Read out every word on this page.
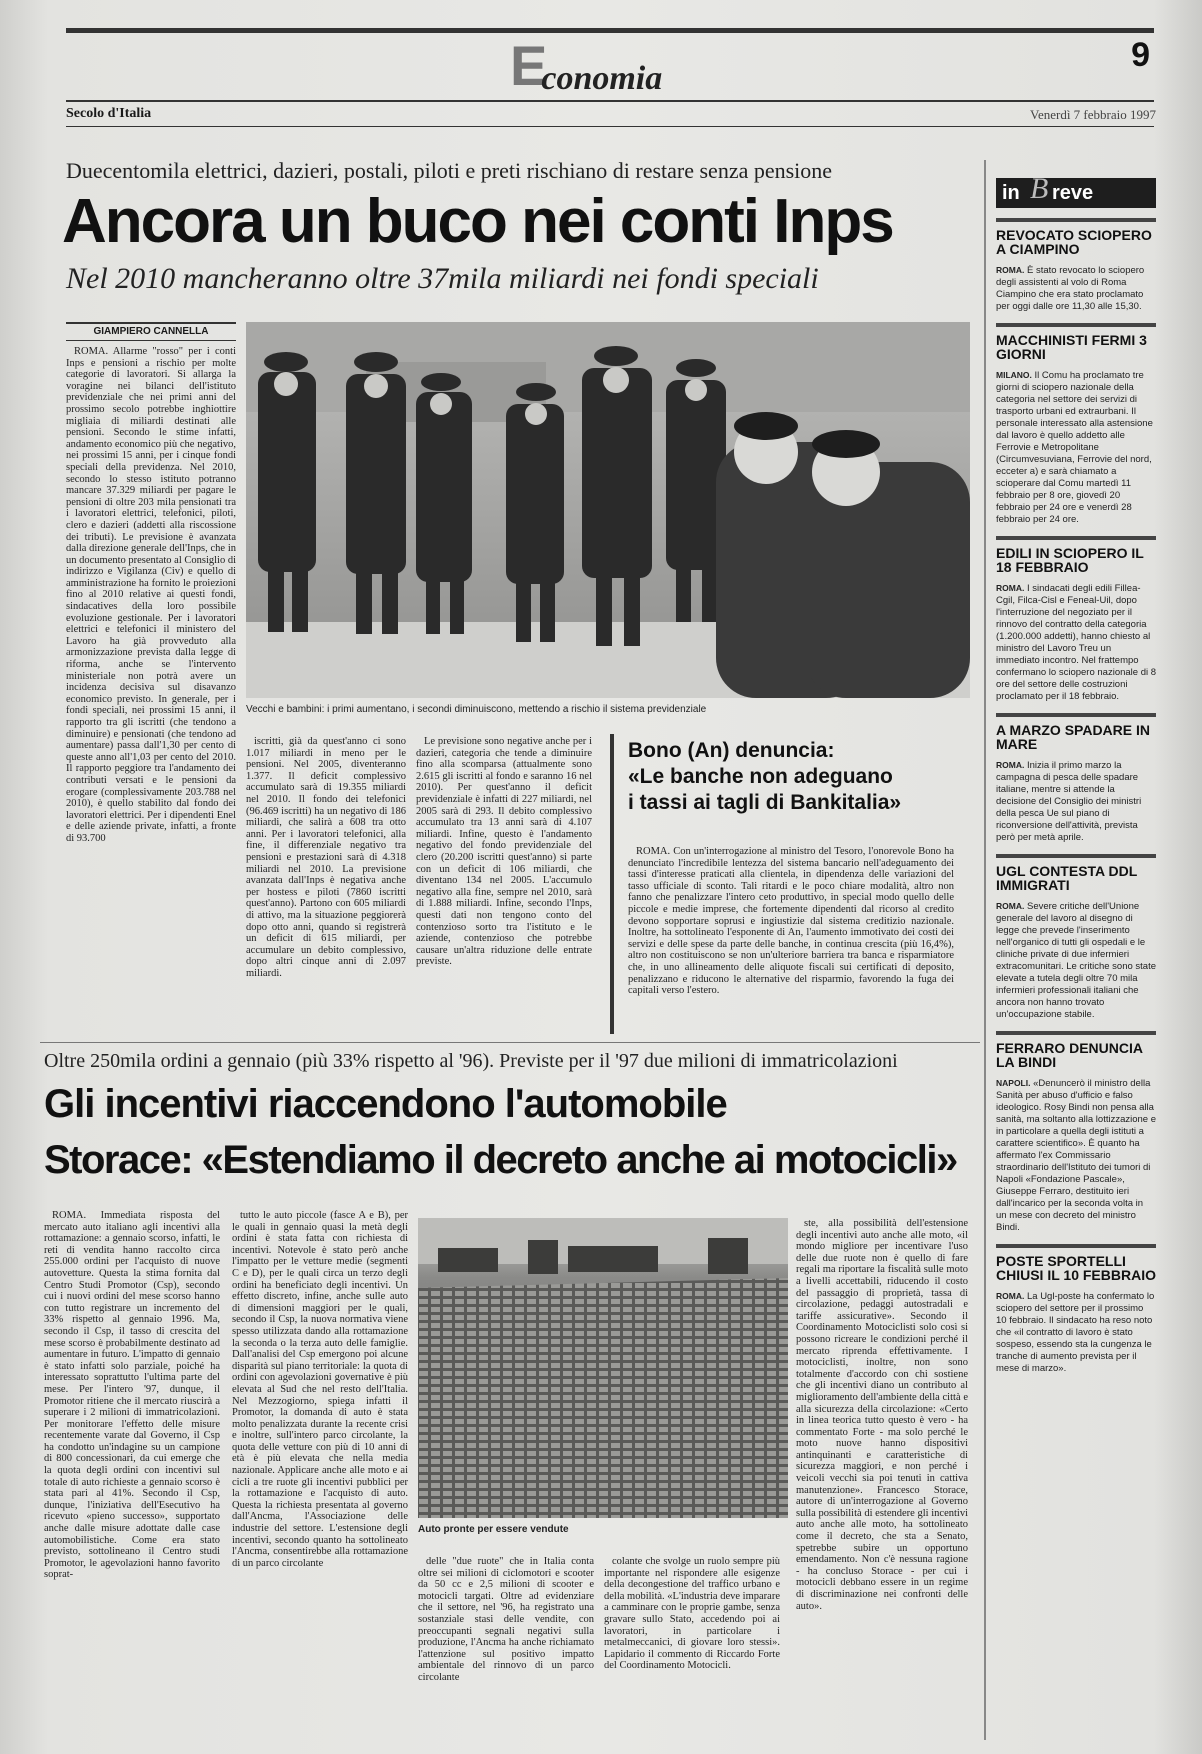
Economia
9
Secolo d'Italia	Venerdì 7 febbraio 1997
Duecentomila elettrici, dazieri, postali, piloti e preti rischiano di restare senza pensione
Ancora un buco nei conti Inps
Nel 2010 mancheranno oltre 37mila miliardi nei fondi speciali
GIAMPIERO CANNELLA

ROMA. Allarme "rosso" per i conti Inps e pensioni a rischio per molte categorie di lavoratori. Si allarga la voragine nei bilanci dell'istituto previdenziale che nei primi anni del prossimo secolo potrebbe inghiottire migliaia di miliardi destinati alle pensioni. Secondo le stime infatti, andamento economico più che negativo, nei prossimi 15 anni, per i cinque fondi speciali della previdenza. Nel 2010, secondo lo stesso istituto potranno mancare 37.329 miliardi per pagare le pensioni di oltre 203 mila pensionati tra i lavoratori elettrici, telefonici, piloti, clero e dazieri (addetti alla riscossione dei tributi). Le previsione è avanzata dalla direzione generale dell'Inps, che in un documento presentato al Consiglio di indirizzo e Vigilanza (Civ) e quello di amministrazione ha fornito le proiezioni fino al 2010 relative ai questi fondi, sindacatives della loro possibile evoluzione gestionale. Per i lavoratori elettrici e telefonici il ministero del Lavoro ha già provveduto alla armonizzazione prevista dalla legge di riforma, anche se l'intervento ministeriale non potrà avere un incidenza decisiva sul disavanzo economico previsto. In generale, per i fondi speciali, nei prossimi 15 anni, il rapporto tra gli iscritti (che tendono a diminuire) e pensionati (che tendono ad aumentare) passa dall'1,30 per cento di queste anno all'1,03 per cento del 2010. Il rapporto peggiore tra l'andamento dei contributi versati e le pensioni da erogare (complessivamente 203.788 nel 2010), è quello stabilito dal fondo dei lavoratori elettrici. Per i dipendenti Enel e delle aziende private, infatti, a fronte di 93.700

Vecchi e bambini: i primi aumentano, i secondi diminuiscono, mettendo a rischio il sistema previdenziale

iscritti, già da quest'anno ci sono 1.017 miliardi in meno per le pensioni. Nel 2005, diventeranno 1.377. Il deficit complessivo accumulato sarà di 19.355 miliardi nel 2010. Il fondo dei telefonici (96.469 iscritti) ha un negativo di 186 miliardi, che salirà a 608 tra otto anni. Per i lavoratori telefonici, alla fine, il differenziale negativo tra pensioni e prestazioni sarà di 4.318 miliardi nel 2010. La previsione avanzata dall'Inps è negativa anche per hostess e piloti (7860 iscritti quest'anno). Partono con 605 miliardi di attivo, ma la situazione peggiorerà dopo otto anni, quando si registrerà un deficit di 615 miliardi, per accumulare un debito complessivo, dopo altri cinque anni di 2.097 miliardi.

Le previsione sono negative anche per i dazieri, categoria che tende a diminuire fino alla scomparsa (attualmente sono 2.615 gli iscritti al fondo e saranno 16 nel 2010). Per quest'anno il deficit previdenziale è infatti di 227 miliardi, nel 2005 sarà di 293. Il debito complessivo accumulato tra 13 anni sarà di 4.107 miliardi. Infine, questo è l'andamento negativo del fondo previdenziale del clero (20.200 iscritti quest'anno) si parte con un deficit di 106 miliardi, che diventano 134 nel 2005. L'accumulo negativo alla fine, sempre nel 2010, sarà di 1.888 miliardi. Infine, secondo l'Inps, questi dati non tengono conto del contenzioso sorto tra l'istituto e le aziende, contenzioso che potrebbe causare un'altra riduzione delle entrate previste.

Bono (An) denuncia:
«Le banche non adeguano
i tassi ai tagli di Bankitalia»

ROMA. Con un'interrogazione al ministro del Tesoro, l'onorevole Bono ha denunciato l'incredibile lentezza del sistema bancario nell'adeguamento dei tassi d'interesse praticati alla clientela, in dipendenza delle variazioni del tasso ufficiale di sconto. Tali ritardi e le poco chiare modalità, altro non fanno che penalizzare l'intero ceto produttivo, in special modo quello delle piccole e medie imprese, che fortemente dipendenti dal ricorso al credito devono sopportare soprusi e ingiustizie dal sistema creditizio nazionale. Inoltre, ha sottolineato l'esponente di An, l'aumento immotivato dei costi dei servizi e delle spese da parte delle banche, in continua crescita (più 16,4%), altro non costituiscono se non un'ulteriore barriera tra banca e risparmiatore che, in uno allineamento delle aliquote fiscali sui certificati di deposito, penalizzano e riducono le alternative del risparmio, favorendo la fuga dei capitali verso l'estero.

Oltre 250mila ordini a gennaio (più 33% rispetto al '96). Previste per il '97 due milioni di immatricolazioni
Gli incentivi riaccendono l'automobile
Storace: «Estendiamo il decreto anche ai motocicli»

ROMA. Immediata risposta del mercato auto italiano agli incentivi alla rottamazione: a gennaio scorso, infatti, le reti di vendita hanno raccolto circa 255.000 ordini per l'acquisto di nuove autovetture. Questa la stima fornita dal Centro Studi Promotor (Csp), secondo cui i nuovi ordini del mese scorso hanno con tutto registrare un incremento del 33% rispetto al gennaio 1996. Ma, secondo il Csp, il tasso di crescita del mese scorso è probabilmente destinato ad aumentare in futuro. L'impatto di gennaio è stato infatti solo parziale, poiché ha interessato soprattutto l'ultima parte del mese. Per l'intero '97, dunque, il Promotor ritiene che il mercato riuscirà a superare i 2 milioni di immatricolazioni. Per monitorare l'effetto delle misure recentemente varate dal Governo, il Csp ha condotto un'indagine su un campione di 800 concessionari, da cui emerge che la quota degli ordini con incentivi sul totale di auto richieste a gennaio scorso è stata pari al 41%. Secondo il Csp, dunque, l'iniziativa dell'Esecutivo ha ricevuto «pieno successo», supportato anche dalle misure adottate dalle case automobilistiche. Come era stato previsto, sottolineano il Centro studi Promotor, le agevolazioni hanno favorito soprat-

tutto le auto piccole (fasce A e B), per le quali in gennaio quasi la metà degli ordini è stata fatta con richiesta di incentivi. Notevole è stato però anche l'impatto per le vetture medie (segmenti C e D), per le quali circa un terzo degli ordini ha beneficiato degli incentivi. Un effetto discreto, infine, anche sulle auto di dimensioni maggiori per le quali, secondo il Csp, la nuova normativa viene spesso utilizzata dando alla rottamazione la seconda o la terza auto delle famiglie. Dall'analisi del Csp emergono poi alcune disparità sul piano territoriale: la quota di ordini con agevolazioni governative è più elevata al Sud che nel resto dell'Italia. Nel Mezzogiorno, spiega infatti il Promotor, la domanda di auto è stata molto penalizzata durante la recente crisi e inoltre, sull'intero parco circolante, la quota delle vetture con più di 10 anni di età è più elevata che nella media nazionale. Applicare anche alle moto e ai cicli a tre ruote gli incentivi pubblici per la rottamazione e l'acquisto di auto. Questa la richiesta presentata al governo dall'Ancma, l'Associazione delle industrie del settore. L'estensione degli incentivi, secondo quanto ha sottolineato l'Ancma, consentirebbe alla rottamazione di un parco circolante

Auto pronte per essere vendute

delle "due ruote" che in Italia conta oltre sei milioni di ciclomotori e scooter da 50 cc e 2,5 milioni di scooter e motocicli targati. Oltre ad evidenziare che il settore, nel '96, ha registrato una sostanziale stasi delle vendite, con preoccupanti segnali negativi sulla produzione, l'Ancma ha anche richiamato l'attenzione sul positivo impatto ambientale del rinnovo di un parco circolante

colante che svolge un ruolo sempre più importante nel rispondere alle esigenze della decongestione del traffico urbano e della mobilità. «L'industria deve imparare a camminare con le proprie gambe, senza gravare sullo Stato, accedendo poi ai lavoratori, in particolare i metalmeccanici, di giovare loro stessi». Lapidario il commento di Riccardo Forte del Coordinamento Motocicli.

ste, alla possibilità dell'estensione degli incentivi auto anche alle moto, «il mondo migliore per incentivare l'uso delle due ruote non è quello di fare regali ma riportare la fiscalità sulle moto a livelli accettabili, riducendo il costo del passaggio di proprietà, tassa di circolazione, pedaggi autostradali e tariffe assicurative». Secondo il Coordinamento Motociclisti solo così si possono ricreare le condizioni perché il mercato riprenda effettivamente. I motociclisti, inoltre, non sono totalmente d'accordo con chi sostiene che gli incentivi diano un contributo al miglioramento dell'ambiente della città e alla sicurezza della circolazione: «Certo in linea teorica tutto questo è vero - ha commentato Forte - ma solo perché le moto nuove hanno dispositivi antinquinanti e caratteristiche di sicurezza maggiori, e non perché i veicoli vecchi sia poi tenuti in cattiva manutenzione». Francesco Storace, autore di un'interrogazione al Governo sulla possibilità di estendere gli incentivi auto anche alle moto, ha sottolineato come il decreto, che sta a Senato, spetrebbe subire un opportuno emendamento. Non c'è nessuna ragione - ha concluso Storace - per cui i motocicli debbano essere in un regime di discriminazione nei confronti delle auto».

in B reve
REVOCATO SCIOPERO A CIAMPINO

ROMA. È stato revocato lo sciopero degli assistenti al volo di Roma Ciampino che era stato proclamato per oggi dalle ore 11,30 alle 15,30.

MACCHINISTI FERMI 3 GIORNI

MILANO. Il Comu ha proclamato tre giorni di sciopero nazionale della categoria nel settore dei servizi di trasporto urbani ed extraurbani. Il personale interessato alla astensione dal lavoro è quello addetto alle Ferrovie e Metropolitane (Circumvesuviana, Ferrovie del nord, ecceter a) e sarà chiamato a scioperare dal Comu martedì 11 febbraio per 8 ore, giovedì 20 febbraio per 24 ore e venerdì 28 febbraio per 24 ore.

EDILI IN SCIOPERO IL 18 FEBBRAIO

ROMA. I sindacati degli edili Fillea-Cgil, Filca-Cisl e Feneal-Uil, dopo l'interruzione del negoziato per il rinnovo del contratto della categoria (1.200.000 addetti), hanno chiesto al ministro del Lavoro Treu un immediato incontro. Nel frattempo confermano lo sciopero nazionale di 8 ore del settore delle costruzioni proclamato per il 18 febbraio.

A MARZO SPADARE IN MARE

ROMA. Inizia il primo marzo la campagna di pesca delle spadare italiane, mentre si attende la decisione del Consiglio dei ministri della pesca Ue sul piano di riconversione dell'attività, prevista però per metà aprile.

UGL CONTESTA DDL IMMIGRATI

ROMA. Severe critiche dell'Unione generale del lavoro al disegno di legge che prevede l'inserimento nell'organico di tutti gli ospedali e le cliniche private di due infermieri extracomunitari. Le critiche sono state elevate a tutela degli oltre 70 mila infermieri professionali italiani che ancora non hanno trovato un'occupazione stabile.

FERRARO DENUNCIA LA BINDI

NAPOLI. «Denuncerò il ministro della Sanità per abuso d'ufficio e falso ideologico. Rosy Bindi non pensa alla sanità, ma soltanto alla lottizzazione e in particolare a quella degli istituti a carattere scientifico». È quanto ha affermato l'ex Commissario straordinario dell'Istituto dei tumori di Napoli «Fondazione Pascale», Giuseppe Ferraro, destituito ieri dall'incarico per la seconda volta in un mese con decreto del ministro Bindi.

POSTE SPORTELLI CHIUSI IL 10 FEBBRAIO

ROMA. La Ugl-poste ha confermato lo sciopero del settore per il prossimo 10 febbraio. Il sindacato ha reso noto che «il contratto di lavoro è stato sospeso, essendo sta la cungenza le tranche di aumento prevista per il mese di marzo».
